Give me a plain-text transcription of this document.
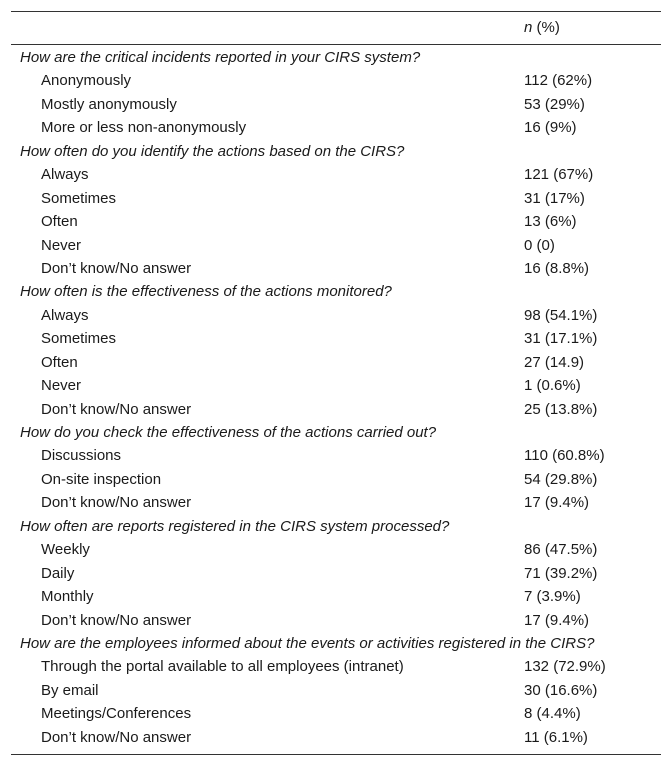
n (%)
How are the critical incidents reported in your CIRS system?
Anonymously	112 (62%)
Mostly anonymously	53 (29%)
More or less non-anonymously	16 (9%)
How often do you identify the actions based on the CIRS?
Always	121 (67%)
Sometimes	31 (17%)
Often	13 (6%)
Never	0 (0)
Don’t know/No answer	16 (8.8%)
How often is the effectiveness of the actions monitored?
Always	98 (54.1%)
Sometimes	31 (17.1%)
Often	27 (14.9)
Never	1 (0.6%)
Don’t know/No answer	25 (13.8%)
How do you check the effectiveness of the actions carried out?
Discussions	110 (60.8%)
On-site inspection	54 (29.8%)
Don’t know/No answer	17 (9.4%)
How often are reports registered in the CIRS system processed?
Weekly	86 (47.5%)
Daily	71 (39.2%)
Monthly	7 (3.9%)
Don’t know/No answer	17 (9.4%)
How are the employees informed about the events or activities registered in the CIRS?
Through the portal available to all employees (intranet)	132 (72.9%)
By email	30 (16.6%)
Meetings/Conferences	8 (4.4%)
Don’t know/No answer	11 (6.1%)
